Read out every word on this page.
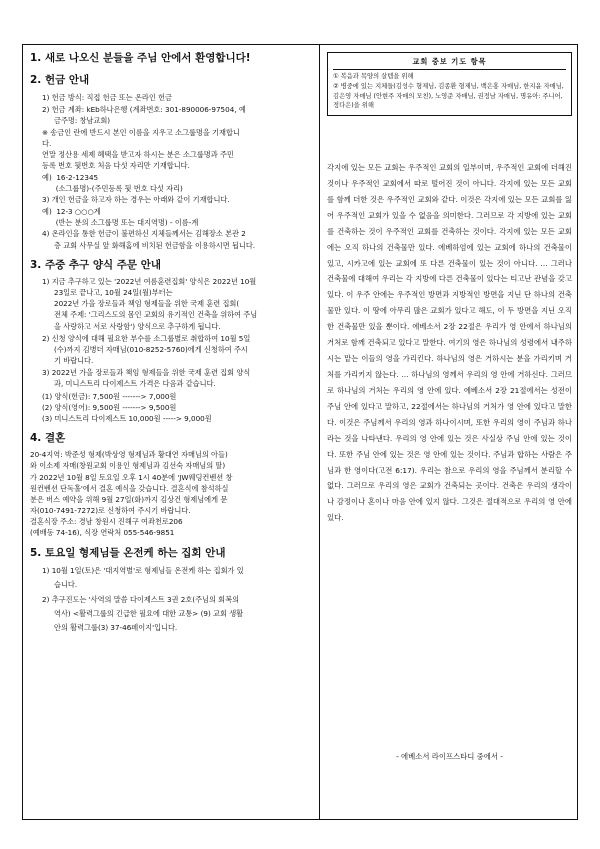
1. 새로 나오신 분들을 주님 안에서 환영합니다!
2. 헌금 안내
1) 헌금 방식: 직접 헌금 또는 온라인 헌금
2) 헌금 계좌: kEb하나은행 (계좌번호: 301-890006-97504, 예
금주명: 창남교회)
※ 송금인 란에 반드시 본인 이름을 지우고 소그룹명을 기재합니
다.
연말 정산용 세제 혜택을 받고자 하시는 분은 소그룹명과 주민
등록 번호 뒷번호 처음 다섯 자리만 기재합니다.
예)  16-2-12345
(소그룹명)-(주민등록 뒷 번호 다섯 자리)
3) 개인 헌금을 하고자 하는 경우는 아래와 같이 기재합니다.
예)  12-3 ○○○계
(반는 분의 소그룹명 또는 대지역명) - 이름-계
4) 온라인을 통한 헌금이 불편하신 지체들께서는 김해장소 본관 2
층 교회 사무실 앞 화해홈에 비치된 헌금함을 이용하시면 됩니다.
3. 주중 추구 양식 주문 안내
1) 지금 추구하고 있는 '2022년 여름훈련집회' 양식은 2022년 10월
23일로 끝나고, 10월 24일(월)부터는
2022년 가을 장로들과 책임 형제들을 위한 국제 훈련 집회(
전체 주제: '그리스도의 몸인 교회의 유기적인 건축을 위하여 주님
을 사랑하고 서로 사랑함') 양식으로 추구하게 됩니다.
2) 신청 양식에 대해 필요한 부수를 소그룹별로 취합하여 10월 5일
(수)까지 김병더 자매님(010-8252-5760)에게 신청하여 주시
기 바랍니다.
3) 2022년 가을 장로들과 책임 형제들을 위한 국제 훈련 집회 양식
과, 미니스트리 다이제스트 가격은 다음과 같습니다.
(1) 양식(헌금): 7,500원 -------> 7,000원
(2) 양식(영어): 9,500원 -------> 9,500원
(3) 미니스트리 다이제스트 10,000원 -----> 9,000원
4. 결혼
20-4지역: 박준성 형제(박상영 형제님과 황대연 자매님의 아들)
와 이소제 자매(창원교회 이용인 형제님과 김선숙 자매님의 딸)
가 2022년 10월 8일 토요일 오후 1시 40분에 'JW웨딩컨벤션 창
원컨벤션 단독홀'에서 결혼 예식을 갖습니다. 결혼식에 참석하실
분은 버스 예약을 위해 9월 27일(화)까지 김상건 형제님에게 문
자(010-7491-7272)로 신청하여 주시기 바랍니다.
결혼식장 주소: 경남 창원시 진해구 여좌천로206
(예배동 74-16), 식장 연락처 055-546-9851
5. 토요일 형제님들 온전케 하는 집회 안내
1) 10월 1일(토)은 '대지역별'로 형제님들 온전케 하는 집회가 있
습니다.
2) 추구진도는 '사역의 말씀 다이제스트 3권 2호(주님의 회복의
역사) <활력그룹의 긴급한 필요에 대한 교통> (9) 교회 생활
안의 활력그룹(3) 37-46페이지'입니다.
교회 중보 기도 항목
① 복음과 목양의 살템을 위해
② 병중에 있는 지체들(김성수 형제님, 김종환 형제님, 백은홍 자매님, 한지윤 자매님, 김은영 자매님 (안현주 자매의 모친), 노영준 자매님, 권정남 자매님, 명유아: 주니어, 정다은)을 위해

각지에 있는 모든 교회는 우주적인 교회의 일부이며, 우주적인 교회에 더해진 것이나 우주적인 교회에서 따로 떨어진 것이 아니다. 각지에 있는 모든 교회를 함께 더한 것은 우주적인 교회와 같다. 이것은 각지에 있는 모든 교회를 잃어 우주적인 교회가 있을 수 없음을 의미한다. 그러므로 각 지방에 있는 교회를 건축하는 것이 우주적인 교회를 건축하는 것이다. 각지에 있는 모든 교회에는 오직 하나의 건축물만 있다. 에베하엄에 있는 교회에 하나의 건축물이 있고, 시카고에 있는 교회에 또 다른 건축물이 있는 것이 아니다. ... 그러나 건축물에 대해여 우리는 각 지방에 다른 건축물이 있다는 티고난 관념을 갖고 있다. 이 우주 안에는 우주적인 방면과 지방적인 방면을 지닌 단 하나의 건축물만 있다. 이 땅에 아무리 많은 교회가 있다고 해도, 이 두 방면을 지닌 오직 한 건축물만 있을 뿐이다. 에베소서 2장 22절은 우리가 영 안에서 하나님의 거처로 함께 건축되고 있다고 말한다. 여기의 영은 하나님의 성령에서 내주하시는 맡는 이들의 영을 가리킨다. 하나님의 영은 거하시는 분을 가리키며 거처를 가리키지 않는다. ... 하나님의 영께서 우리의 영 안에 거하신다. 그러므로 하나님의 거처는 우리의 영 안에 있다. 에베소서 2장 21절에서는 성전이 주님 안에 있다고 말하고, 22절에서는 하나님의 거처가 영 안에 있다고 말한다. 이것은 주님께서 우리의 영과 하나이시며, 또한 우리의 영이 주님과 하나라는 것을 나타낸다. 우리의 영 안에 있는 것은 사실상 주님 안에 있는 것이다. 또한 주님 안에 있는 것은 영 안에 있는 것이다. 주님과 합하는 사람은 주님과 한 영이다(고전 6:17). 우리는 참으로 우리의 영을 주님께서 분리할 수 없다. 그러므로 우리의 영은 교회가 건축되는 곳이다. 건축은 우리의 생각이나 감정이나 혼이나 마음 안에 있지 않다. 그것은 절대적으로 우리의 영 안에 있다.

- 에베소서 라이프스타디 중에서 -
